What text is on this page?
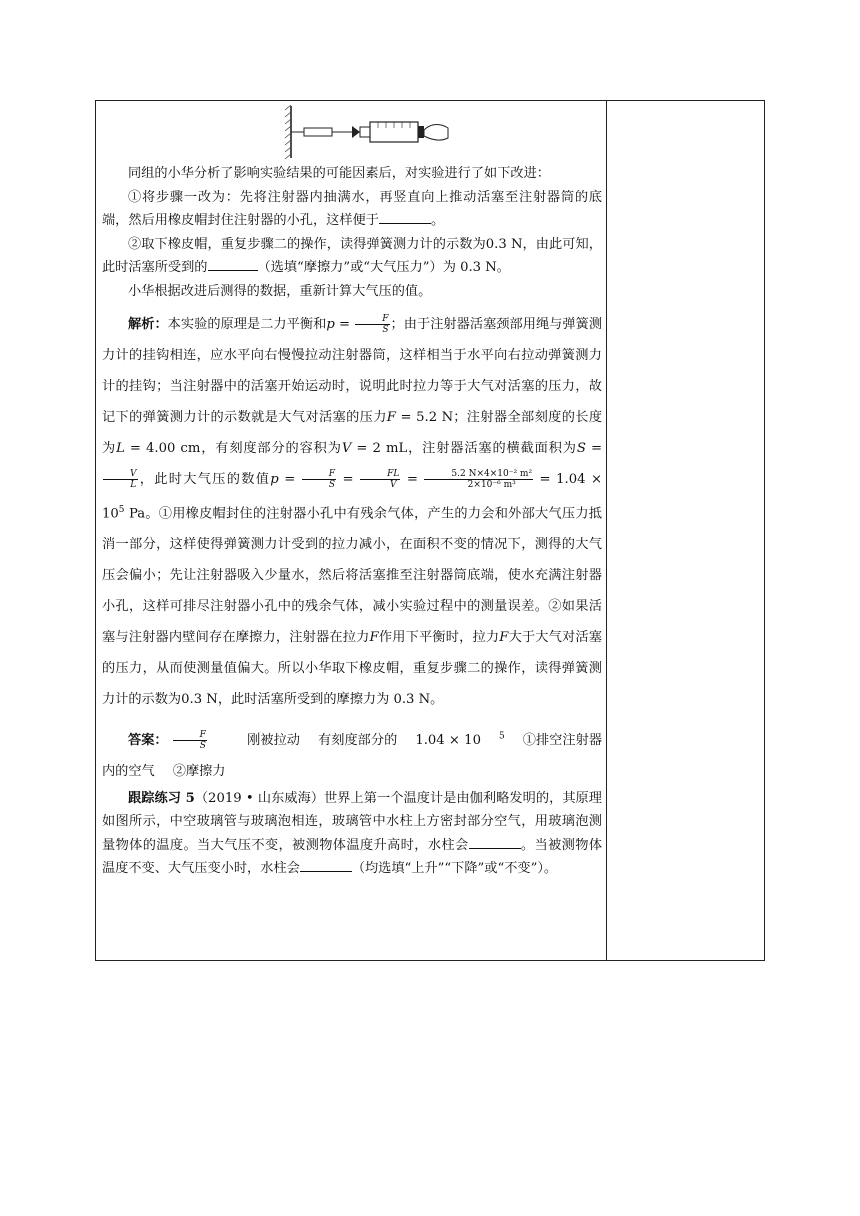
同组的小华分析了影响实验结果的可能因素后，对实验进行了如下改进：

①将步骤一改为：先将注射器内抽满水，再竖直向上推动活塞至注射器筒的底端，然后用橡皮帽封住注射器的小孔，这样便于	。

②取下橡皮帽，重复步骤二的操作，读得弹簧测力计的示数为0.3 N，由此可知，此时活塞所受到的	（选填“摩擦力”或“大气压力”）为 0.3 N。

小华根据改进后测得的数据，重新计算大气压的值。

解析：本实验的原理是二力平衡和$p = \frac{F}{S}$ ；由于注射器活塞颈部用绳与弹簧测力计的挂钩相连，应水平向右慢慢拉动注射器筒，这样相当于水平向右拉动弹簧测力计的挂钩；当注射器中的活塞开始运动时，说明此时拉力等于大气对活塞的压力，故记下的弹簧测力计的示数就是大气对活塞的压力F = 5.2 N；注射器全部刻度的长度为L = 4.00 cm，有刻度部分的容积为V = 2 mL，注射器活塞的横截面积为S =
$\frac{V}{L}$ ，此时大气压的数值$p = \frac{F}{S} = \frac{FL}{V} = \frac{\text{5.2 N×4×10⁻² m²}}{\text{2×10⁻⁶ m³}} = 1.04 \times 10^5$ Pa。①用橡皮帽封住的注射器小孔中有残余气体，产生的力会和外部大气压力抵消一部分，这样使得弹簧测力计受到的拉力减小，在面积不变的情况下，测得的大气压会偏小；先让注射器吸入少量水，然后将活塞推至注射器筒底端，使水充满注射器小孔，这样可排尽注射器小孔中的残余气体，减小实验过程中的测量误差。②如果活塞与注射器内壁间存在摩擦力，注射器在拉力F作用下平衡时，拉力F大于大气对活塞的压力，从而使测量值偏大。所以小华取下橡皮帽，重复步骤二的操作，读得弹簧测力计的示数为0.3 N，此时活塞所受到的摩擦力为 0.3 N。

答案： $\frac{F}{S}$ 刚被拉动 有刻度部分的 1.04 × 10 $^5$ ①排空注射器内的空气 ②摩擦力

跟踪练习 5（2019 • 山东威海）世界上第一个温度计是由伽利略发明的，其原理如图所示，中空玻璃管与玻璃泡相连，玻璃管中水柱上方密封部分空气，用玻璃泡测量物体的温度。当大气压不变，被测物体温度升高时，水柱会	。当被测物体温度不变、大气压变小时，水柱会	（均选填“上升”“下降”或“不变”）。
